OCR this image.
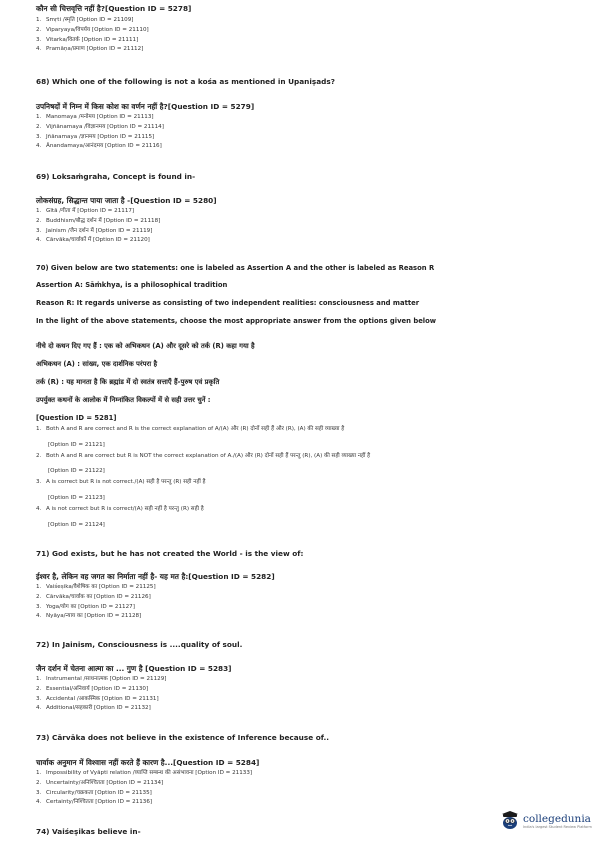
कौन सी चित्तवृत्ति नहीं है?[Question ID = 5278]
1. Smṛti /स्मृति [Option ID = 21109]
2. Viparyaya/विपर्यय [Option ID = 21110]
3. Vitarka/वितर्क [Option ID = 21111]
4. Pramāṇa/प्रमाण [Option ID = 21112]
68) Which one of the following is not a kośa as mentioned in Upaniṣads?
उपनिषदों में निम्न में किस कोश का वर्णन नहीं है?[Question ID = 5279]
1. Manomaya /मनोमय [Option ID = 21113]
2. Vijñānamaya /विज्ञानमय [Option ID = 21114]
3. Jñānamaya /ज्ञानमय [Option ID = 21115]
4. Ānandamaya/आनंदमय [Option ID = 21116]
69) Loksaṁgraha, Concept is found in-
लोकसंग्रह, सिद्धान्त पाया जाता है -[Question ID = 5280]
1. Gītā /गीता में [Option ID = 21117]
2. Buddhism/बौद्ध दर्शन में [Option ID = 21118]
3. Jainism /जैन दर्शन में [Option ID = 21119]
4. Cārvāka/चार्वाकों में [Option ID = 21120]
70) Given below are two statements: one is labeled as Assertion A and the other is labeled as Reason R
Assertion A: Sāṁkhya, is a philosophical tradition
Reason R: It regards universe as consisting of two independent realities: consciousness and matter
In the light of the above statements, choose the most appropriate answer from the options given below
नीचे दो कथन दिए गए हैं : एक को अभिकथन (A) और दूसरे को तर्क (R) कहा गया है
अभिकथन (A) : सांख्य, एक दार्शनिक परंपरा है
तर्क (R) : यह मानता है कि ब्रह्मांड में दो स्वतंत्र सत्ताएँ हैं-पुरुष एवं प्रकृति
उपर्युक्त कथनों के आलोक में निम्नांकित विकल्पों में से सही उत्तर चुनें :
[Question ID = 5281]
1. Both A and R are correct and R is the correct explanation of A/(A) और (R) दोनों सही हैं और (R), (A) की सही व्याख्या है
[Option ID = 21121]
2. Both A and R are correct but R is NOT the correct explanation of A./(A) और (R) दोनों सही हैं परन्तु (R), (A) की सही व्याख्या नहीं है
[Option ID = 21122]
3. A is correct but R is not correct./(A) सही है परन्तु (R) सही नहीं है
[Option ID = 21123]
4. A is not correct but R is correct/(A) सही नहीं है परन्तु (R) सही है
[Option ID = 21124]
71) God exists, but he has not created the World - is the view of:
ईश्वर है, लेकिन वह जगत का निर्माता नहीं है- यह मत है:[Question ID = 5282]
1. Vaiśeṣika/वैशेषिक का [Option ID = 21125]
2. Cārvāka/चार्वाक का [Option ID = 21126]
3. Yoga/योग का [Option ID = 21127]
4. Nyāya/न्याय का [Option ID = 21128]
72) In Jainism, Consciousness is ....quality of soul.
जैन दर्शन में चेतना आत्मा का ... गुण है [Question ID = 5283]
1. Instrumental /साधनात्मक [Option ID = 21129]
2. Essential/अनिवार्य [Option ID = 21130]
3. Accidental /आकस्मिक [Option ID = 21131]
4. Additional/सहकारी [Option ID = 21132]
73) Cārvāka does not believe in the existence of Inference because of..
चार्वाक अनुमान में विश्वास नहीं करते हैं कारण है...[Question ID = 5284]
1. Impossibility of Vyāpti relation /व्याप्ति सम्बन्ध की असंभावना [Option ID = 21133]
2. Uncertainty/अनिश्चितता [Option ID = 21134]
3. Circularity/चक्रकता [Option ID = 21135]
4. Certainty/निश्चितता [Option ID = 21136]
74) Vaiśeṣikas believe in-
collegedunia
India's largest Student Review Platform
